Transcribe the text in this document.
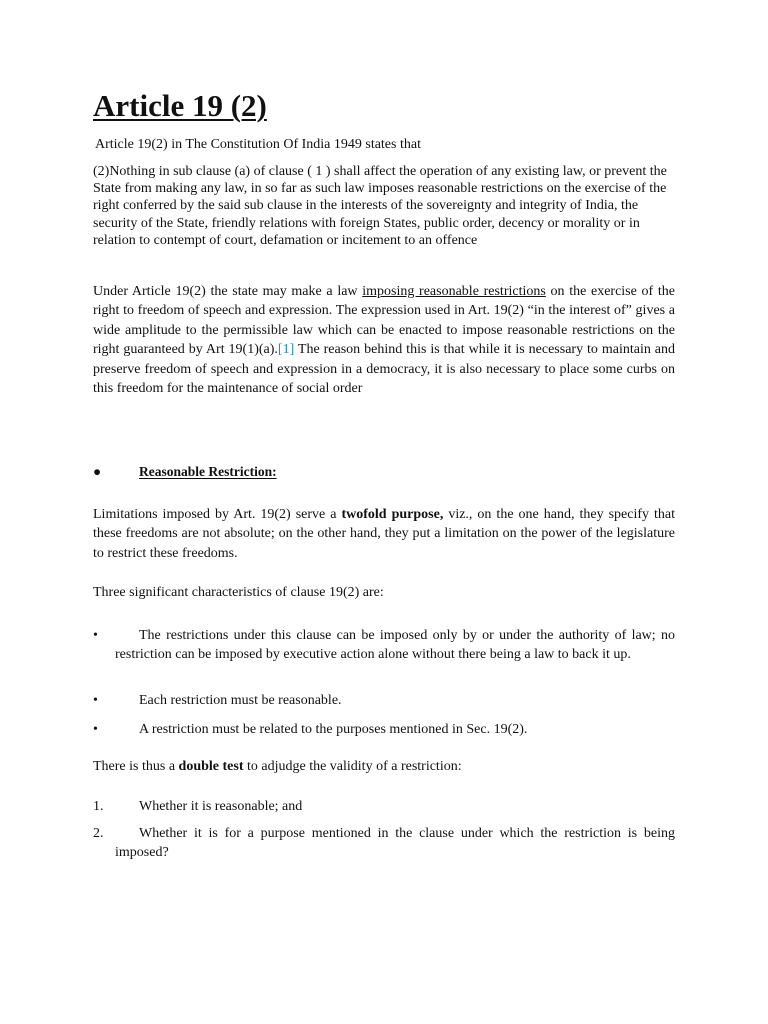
Article 19 (2)

Article 19(2) in The Constitution Of India 1949 states that

(2)Nothing in sub clause (a) of clause ( 1 ) shall affect the operation of any existing law, or prevent the State from making any law, in so far as such law imposes reasonable restrictions on the exercise of the right conferred by the said sub clause in the interests of the sovereignty and integrity of India, the security of the State, friendly relations with foreign States, public order, decency or morality or in relation to contempt of court, defamation or incitement to an offence

Under Article 19(2) the state may make a law imposing reasonable restrictions on the exercise of the right to freedom of speech and expression. The expression used in Art. 19(2) “in the interest of” gives a wide amplitude to the permissible law which can be enacted to impose reasonable restrictions on the right guaranteed by Art 19(1)(a).[1] The reason behind this is that while it is necessary to maintain and preserve freedom of speech and expression in a democracy, it is also necessary to place some curbs on this freedom for the maintenance of social order

●	Reasonable Restriction:

Limitations imposed by Art. 19(2) serve a twofold purpose, viz., on the one hand, they specify that these freedoms are not absolute; on the other hand, they put a limitation on the power of the legislature to restrict these freedoms.

Three significant characteristics of clause 19(2) are:

•	The restrictions under this clause can be imposed only by or under the authority of law; no restriction can be imposed by executive action alone without there being a law to back it up.
•	Each restriction must be reasonable.
•	A restriction must be related to the purposes mentioned in Sec. 19(2).

There is thus a double test to adjudge the validity of a restriction:

1.	Whether it is reasonable; and
2.	Whether it is for a purpose mentioned in the clause under which the restriction is being imposed?
